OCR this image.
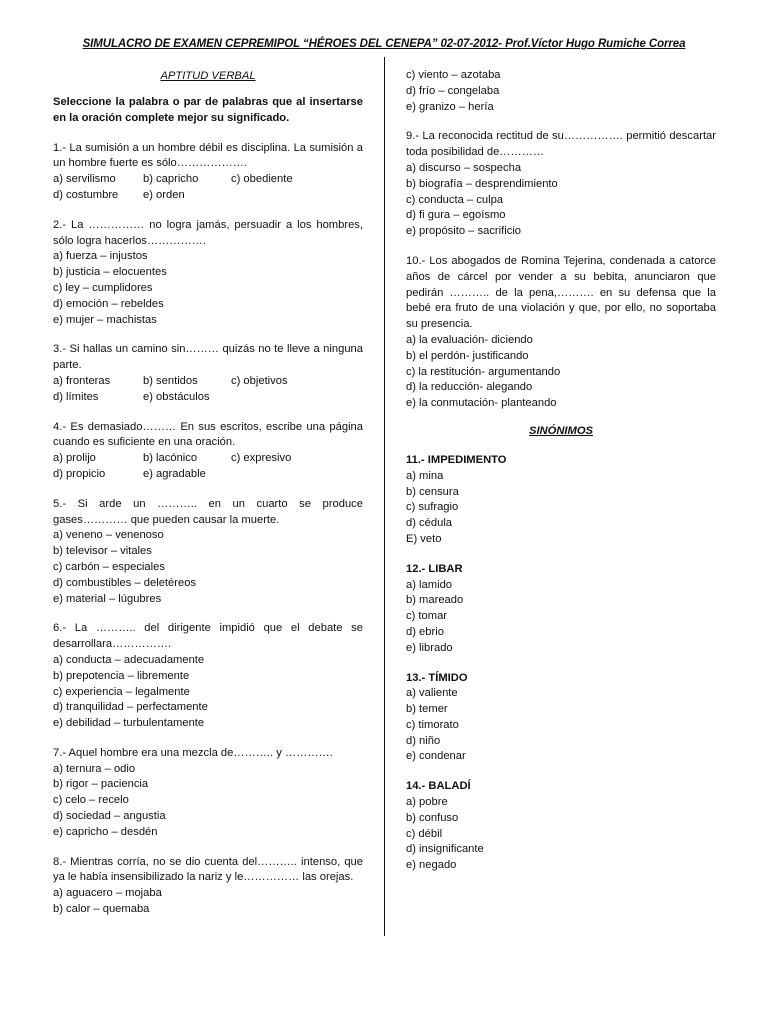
SIMULACRO DE EXAMEN CEPREMIPOL “HÉROES DEL CENEPA” 02-07-2012- Prof.Víctor Hugo Rumiche Correa
APTITUD VERBAL
Seleccione la palabra o par de palabras que al insertarse en la oración complete mejor su significado.
1.- La sumisión a un hombre débil es disciplina. La sumisión a un hombre fuerte es sólo……………….
a) servilismo	b) capricho	c) obediente
d) costumbre	e) orden
2.- La …………… no logra jamás, persuadir a los hombres, sólo logra hacerlos…………….
a) fuerza – injustos
b) justicia – elocuentes
c) ley – cumplidores
d) emoción – rebeldes
e) mujer – machistas
3.- Si hallas un camino sin……… quizás no te lleve a ninguna parte.
a) fronteras	b) sentidos	c) objetivos
d) límites	e) obstáculos
4.- Es demasiado……… En sus escritos, escribe una página cuando es suficiente en una oración.
a) prolijo	b) lacónico	c) expresivo
d) propicio	e) agradable
5.- Si arde un ……….. en un cuarto se produce gases………… que pueden causar la muerte.
a) veneno – venenoso
b) televisor – vitales
c) carbón – especiales
d) combustibles – deletéreos
e) material – lúgubres
6.- La ……….. del dirigente impidió que el debate se desarrollara…………….
a) conducta – adecuadamente
b) prepotencia – libremente
c) experiencia – legalmente
d) tranquilidad – perfectamente
e) debilidad – turbulentamente
7.- Aquel hombre era una mezcla de……….. y ………….
a) ternura – odio
b) rigor – paciencia
c) celo – recelo
d) sociedad – angustia
e) capricho – desdén
8.- Mientras corría, no se dio cuenta del……….. intenso, que ya le había insensibilizado la nariz y le…………… las orejas.
a) aguacero – mojaba
b) calor – quemaba
c) viento – azotaba
d) frío – congelaba
e) granizo – hería
9.- La reconocida rectitud de su……………. permitió descartar toda posibilidad de…………
a) discurso – sospecha
b) biografía – desprendimiento
c) conducta – culpa
d) fi gura – egoísmo
e) propósito – sacrificio
10.- Los abogados de Romina Tejerina, condenada a catorce años de cárcel por vender a su bebita, anunciaron que pedirán ……….. de la pena,………. en su defensa que la bebé era fruto de una violación y que, por ello, no soportaba su presencia.
a) la evaluación- diciendo
b) el perdón- justificando
c) la restitución- argumentando
d) la reducción- alegando
e) la conmutación- planteando
SINÓNIMOS
11.- IMPEDIMENTO
a) mina
b) censura
c) sufragio
d) cédula
E) veto
12.- LIBAR
a) lamido
b) mareado
c) tomar
d) ebrio
e) librado
13.- TÍMIDO
a) valiente
b) temer
c) timorato
d) niño
e) condenar
14.- BALADÍ
a) pobre
b) confuso
c) débil
d) insignificante
e) negado
